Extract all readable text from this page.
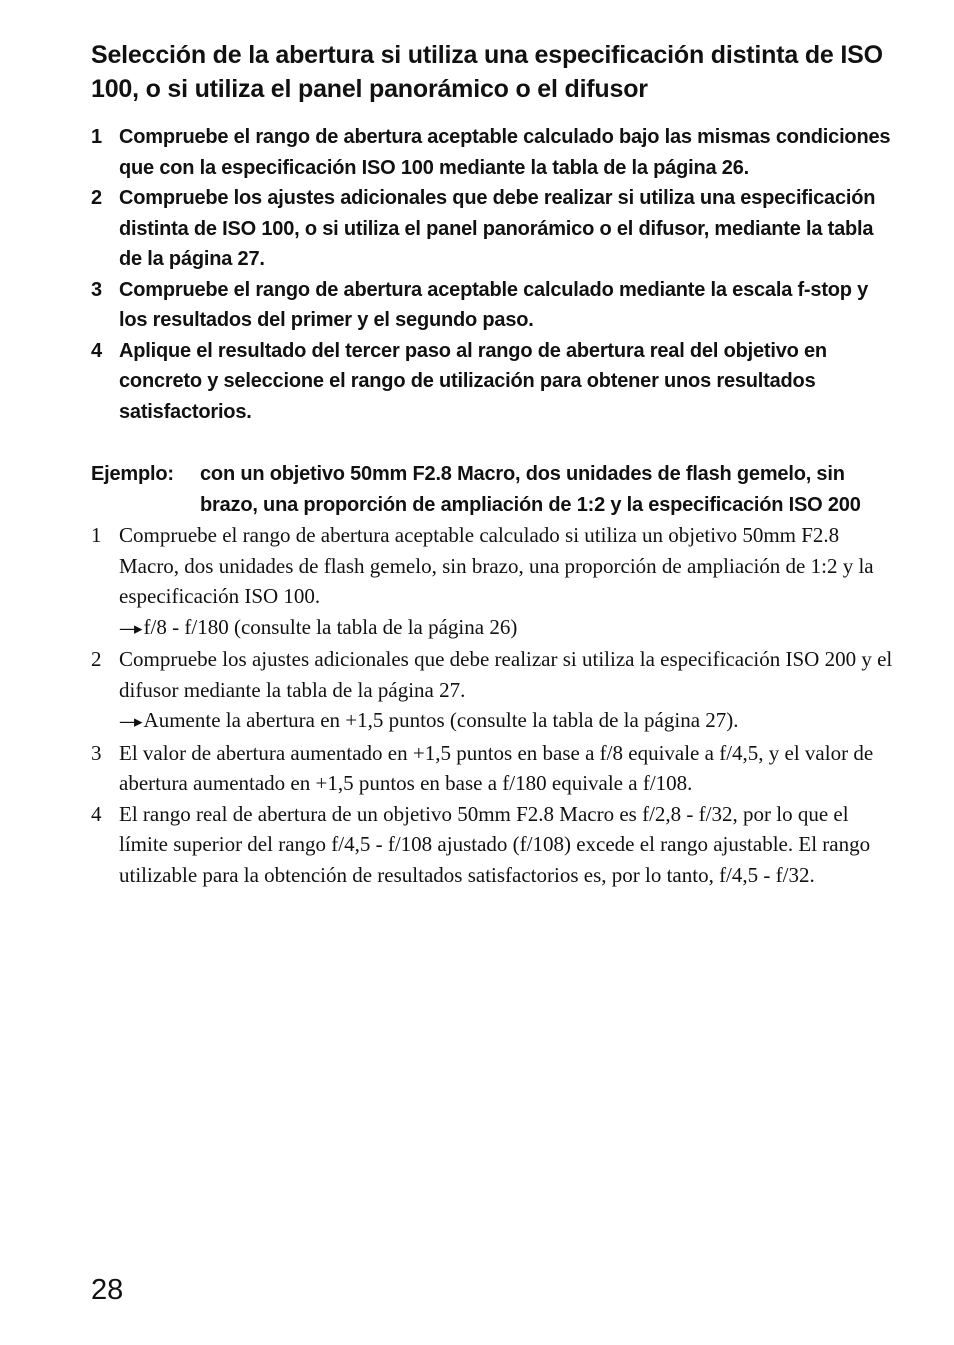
Selección de la abertura si utiliza una especificación distinta de ISO 100, o si utiliza el panel panorámico o el difusor
1 Compruebe el rango de abertura aceptable calculado bajo las mismas condiciones que con la especificación ISO 100 mediante la tabla de la página 26.
2 Compruebe los ajustes adicionales que debe realizar si utiliza una especificación distinta de ISO 100, o si utiliza el panel panorámico o el difusor, mediante la tabla de la página 27.
3 Compruebe el rango de abertura aceptable calculado mediante la escala f-stop y los resultados del primer y el segundo paso.
4 Aplique el resultado del tercer paso al rango de abertura real del objetivo en concreto y seleccione el rango de utilización para obtener unos resultados satisfactorios.
Ejemplo:	con un objetivo 50mm F2.8 Macro, dos unidades de flash gemelo, sin brazo, una proporción de ampliación de 1:2 y la especificación ISO 200
1 Compruebe el rango de abertura aceptable calculado si utiliza un objetivo 50mm F2.8 Macro, dos unidades de flash gemelo, sin brazo, una proporción de ampliación de 1:2 y la especificación ISO 100.
—▸ f/8 - f/180 (consulte la tabla de la página 26)
2 Compruebe los ajustes adicionales que debe realizar si utiliza la especificación ISO 200 y el difusor mediante la tabla de la página 27.
—▸ Aumente la abertura en +1,5 puntos (consulte la tabla de la página 27).
3 El valor de abertura aumentado en +1,5 puntos en base a f/8 equivale a f/4,5, y el valor de abertura aumentado en +1,5 puntos en base a f/180 equivale a f/108.
4 El rango real de abertura de un objetivo 50mm F2.8 Macro es f/2,8 - f/32, por lo que el límite superior del rango f/4,5 - f/108 ajustado (f/108) excede el rango ajustable. El rango utilizable para la obtención de resultados satisfactorios es, por lo tanto, f/4,5 - f/32.
28
